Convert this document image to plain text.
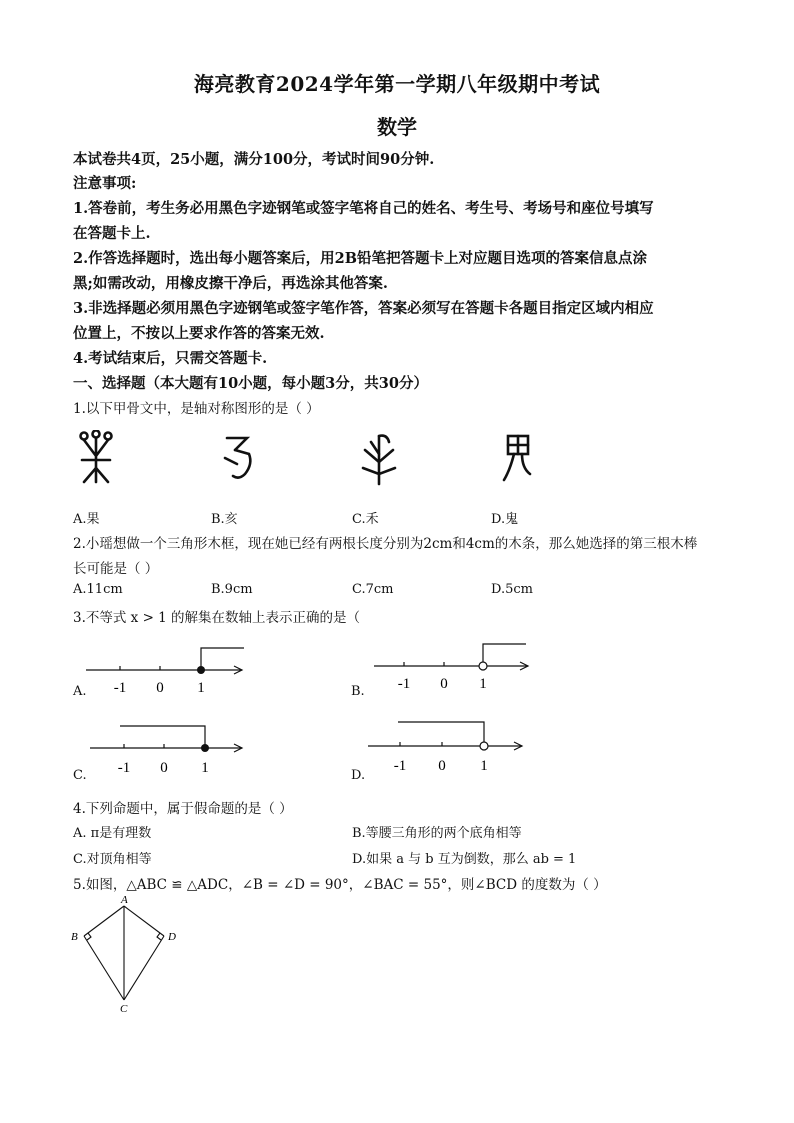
海亮教育2024学年第一学期八年级期中考试
数学
本试卷共4页，25小题，满分100分，考试时间90分钟.
注意事项:
1.答卷前，考生务必用黑色字迹钢笔或签字笔将自己的姓名、考生号、考场号和座位号填写
在答题卡上.
2.作答选择题时，选出每小题答案后，用2B铅笔把答题卡上对应题目选项的答案信息点涂
黑;如需改动，用橡皮擦干净后，再选涂其他答案.
3.非选择题必须用黑色字迹钢笔或签字笔作答，答案必须写在答题卡各题目指定区域内相应
位置上，不按以上要求作答的答案无效.
4.考试结束后，只需交答题卡.
一、选择题（本大题有10小题，每小题3分，共30分）
1.以下甲骨文中，是轴对称图形的是（ ）
A.果	B.亥	C.禾	D.鬼
2.小瑶想做一个三角形木框，现在她已经有两根长度分别为2cm和4cm的木条，那么她选择的第三根木棒
长可能是（ ）
A.11cm	B.9cm	C.7cm	D.5cm
3.不等式 x > 1 的解集在数轴上表示正确的是（
A. -1 0 1	B. -1 0 1
C. -1 0 1	D.
-1 0 1
4.下列命题中，属于假命题的是（ ）
A. π是有理数	B.等腰三角形的两个底角相等
C.对顶角相等	D.如果 a 与 b 互为倒数，那么 ab = 1
5.如图，△ABC ≌ △ADC，∠B = ∠D = 90°，∠BAC = 55°，则∠BCD 的度数为（ ）
A
B	D
C
